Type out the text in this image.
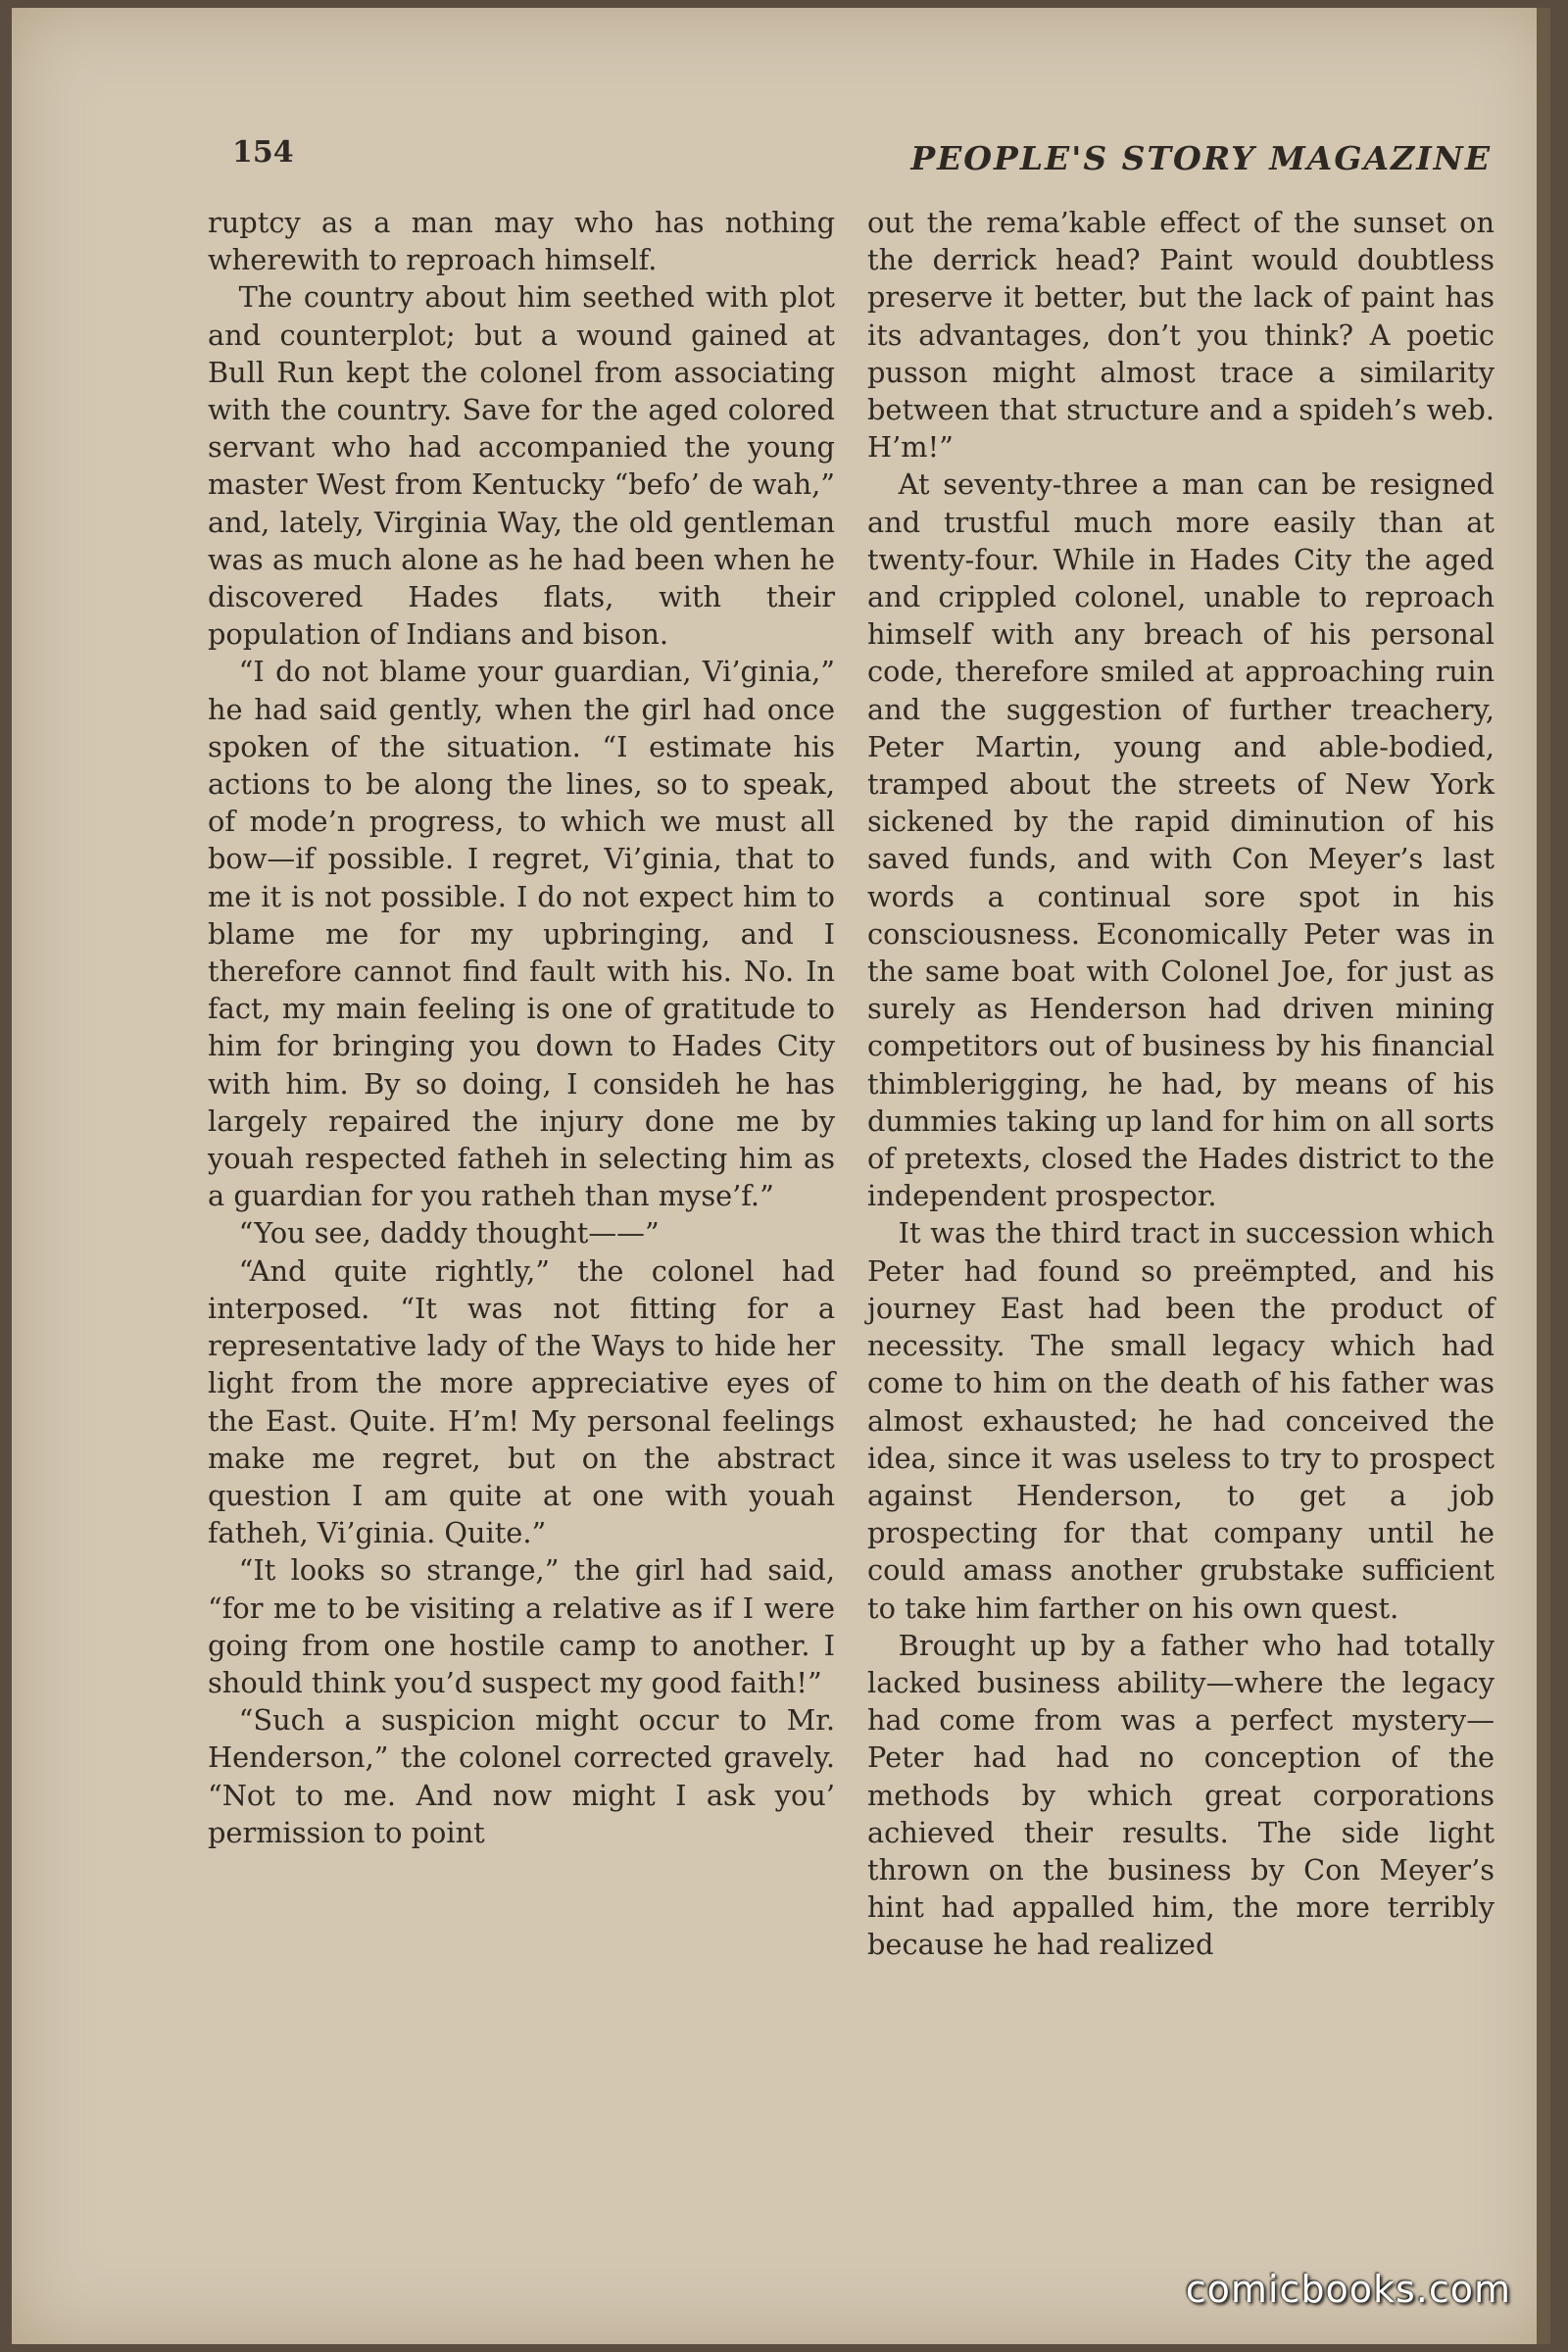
154	PEOPLE'S STORY MAGAZINE

ruptcy as a man may who has nothing wherewith to reproach himself.

The country about him seethed with plot and counterplot; but a wound gained at Bull Run kept the colonel from associating with the country. Save for the aged colored servant who had accompanied the young master West from Kentucky “befo’ de wah,” and, lately, Virginia Way, the old gentleman was as much alone as he had been when he discovered Hades flats, with their population of Indians and bison.

“I do not blame your guardian, Vi’ginia,” he had said gently, when the girl had once spoken of the situation. “I estimate his actions to be along the lines, so to speak, of mode’n progress, to which we must all bow—if possible. I regret, Vi’ginia, that to me it is not possible. I do not expect him to blame me for my upbringing, and I therefore cannot find fault with his. No. In fact, my main feeling is one of gratitude to him for bringing you down to Hades City with him. By so doing, I consideh he has largely repaired the injury done me by youah respected fatheh in selecting him as a guardian for you ratheh than myse’f.”

“You see, daddy thought——”

“And quite rightly,” the colonel had interposed. “It was not fitting for a representative lady of the Ways to hide her light from the more appreciative eyes of the East. Quite. H’m! My personal feelings make me regret, but on the abstract question I am quite at one with youah fatheh, Vi’ginia. Quite.”

“It looks so strange,” the girl had said, “for me to be visiting a relative as if I were going from one hostile camp to another. I should think you’d suspect my good faith!”

“Such a suspicion might occur to Mr. Henderson,” the colonel corrected gravely. “Not to me. And now might I ask you’ permission to point

out the rema’kable effect of the sunset on the derrick head? Paint would doubtless preserve it better, but the lack of paint has its advantages, don’t you think? A poetic pusson might almost trace a similarity between that structure and a spideh’s web. H’m!”

At seventy-three a man can be resigned and trustful much more easily than at twenty-four. While in Hades City the aged and crippled colonel, unable to reproach himself with any breach of his personal code, therefore smiled at approaching ruin and the suggestion of further treachery, Peter Martin, young and able-bodied, tramped about the streets of New York sickened by the rapid diminution of his saved funds, and with Con Meyer’s last words a continual sore spot in his consciousness. Economically Peter was in the same boat with Colonel Joe, for just as surely as Henderson had driven mining competitors out of business by his financial thimblerigging, he had, by means of his dummies taking up land for him on all sorts of pretexts, closed the Hades district to the independent prospector.

It was the third tract in succession which Peter had found so preëmpted, and his journey East had been the product of necessity. The small legacy which had come to him on the death of his father was almost exhausted; he had conceived the idea, since it was useless to try to prospect against Henderson, to get a job prospecting for that company until he could amass another grubstake sufficient to take him farther on his own quest.

Brought up by a father who had totally lacked business ability—where the legacy had come from was a perfect mystery—Peter had had no conception of the methods by which great corporations achieved their results. The side light thrown on the business by Con Meyer’s hint had appalled him, the more terribly because he had realized

comicbooks.com
